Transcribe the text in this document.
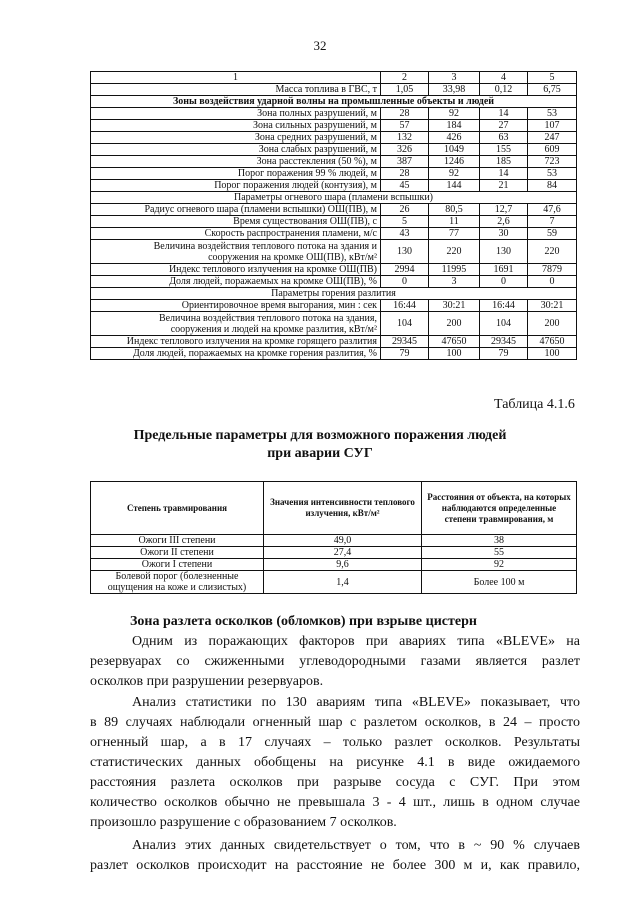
32
1	2	3	4	5
Масса топлива в ГВС, т	1,05	33,98	0,12	6,75
Зоны воздействия ударной волны на промышленные объекты и людей				
Зона полных разрушений, м	28	92	14	53
Зона сильных разрушений, м	57	184	27	107
Зона средних разрушений, м	132	426	63	247
Зона слабых разрушений, м	326	1049	155	609
Зона расстекления (50 %), м	387	1246	185	723
Порог поражения 99 % людей, м	28	92	14	53
Порог поражения людей (контузия), м	45	144	21	84
Параметры огневого шара (пламени вспышки)				
Радиус огневого шара (пламени вспышки) ОШ(ПВ), м	26	80,5	12,7	47,6
Время существования ОШ(ПВ), с	5	11	2,6	7
Скорость распространения пламени, м/с	43	77	30	59

Величина воздействия теплового потока на здания и
сооружения на кромке ОШ(ПВ), кВт/м²	130	220	130	220
Индекс теплового излучения на кромке ОШ(ПВ)	2994	11995	1691	7879
Доля людей, поражаемых на кромке ОШ(ПВ), %	0	3	0	0
Параметры горения разлития				
Ориентировочное время выгорания, мин : сек	16:44	30:21	16:44	30:21

Величина воздействия теплового потока на здания,
сооружения и людей на кромке разлития, кВт/м²	104	200	104	200
Индекс теплового излучения на кромке горящего разлития	29345	47650	29345	47650
Доля людей, поражаемых на кромке горения разлития, %	79	100	79	100
Таблица 4.1.6
Предельные параметры для возможного поражения людей
при аварии СУГ
Степень травмирования	Значения интенсивности теплового излучения, кВт/м²	Расстояния от объекта, на которых наблюдаются определенные степени травмирования, м
Ожоги III степени	49,0	38
Ожоги II степени	27,4	55
Ожоги I степени	9,6	92
Болевой порог (болезненные ощущения на коже и слизистых)	1,4	Более 100 м
Зона разлета осколков (обломков) при взрыве цистерн
Одним из поражающих факторов при авариях типа «BLEVE» на
резервуарах со сжиженными углеводородными газами является разлет
осколков при разрушении резервуаров.
Анализ статистики по 130 авариям типа «BLEVE» показывает, что
в 89 случаях наблюдали огненный шар с разлетом осколков, в 24 – просто
огненный шар, а в 17 случаях – только разлет осколков. Результаты
статистических данных обобщены на рисунке 4.1 в виде ожидаемого
расстояния разлета осколков при разрыве сосуда с СУГ. При этом
количество осколков обычно не превышала 3 - 4 шт., лишь в одном случае
произошло разрушение с образованием 7 осколков.
Анализ этих данных свидетельствует о том, что в ~ 90 % случаев
разлет осколков происходит на расстояние не более 300 м и, как правило,
